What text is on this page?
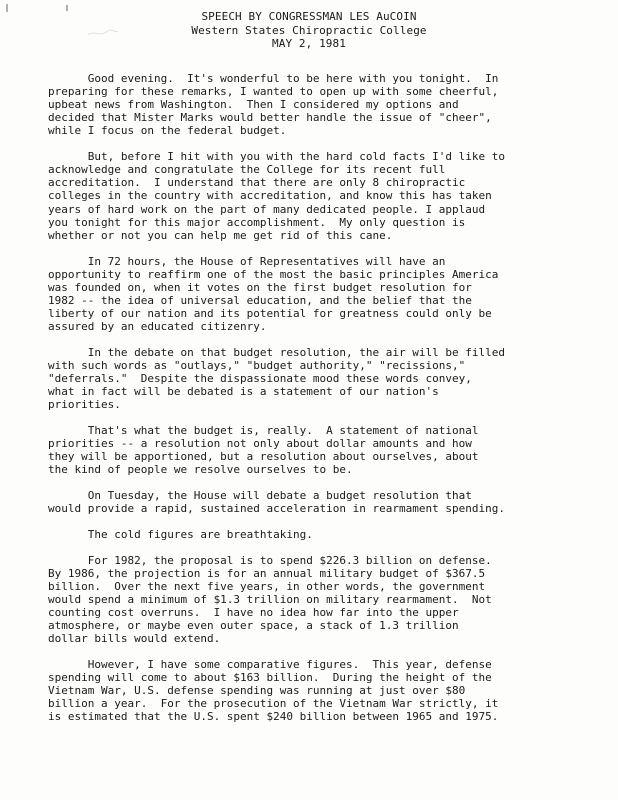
SPEECH BY CONGRESSMAN LES AuCOIN
Western States Chiropractic College
MAY 2, 1981
Good evening.  It's wonderful to be here with you tonight.  In
preparing for these remarks, I wanted to open up with some cheerful,
upbeat news from Washington.  Then I considered my options and
decided that Mister Marks would better handle the issue of "cheer",
while I focus on the federal budget.
But, before I hit with you with the hard cold facts I'd like to
acknowledge and congratulate the College for its recent full
accreditation.  I understand that there are only 8 chiropractic
colleges in the country with accreditation, and know this has taken
years of hard work on the part of many dedicated people. I applaud
you tonight for this major accomplishment.  My only question is
whether or not you can help me get rid of this cane.
In 72 hours, the House of Representatives will have an
opportunity to reaffirm one of the most the basic principles America
was founded on, when it votes on the first budget resolution for
1982 -- the idea of universal education, and the belief that the
liberty of our nation and its potential for greatness could only be
assured by an educated citizenry.
In the debate on that budget resolution, the air will be filled
with such words as "outlays," "budget authority," "recissions,"
"deferrals."  Despite the dispassionate mood these words convey,
what in fact will be debated is a statement of our nation's
priorities.
That's what the budget is, really.  A statement of national
priorities -- a resolution not only about dollar amounts and how
they will be apportioned, but a resolution about ourselves, about
the kind of people we resolve ourselves to be.
On Tuesday, the House will debate a budget resolution that
would provide a rapid, sustained acceleration in rearmament spending.
The cold figures are breathtaking.
For 1982, the proposal is to spend $226.3 billion on defense.
By 1986, the projection is for an annual military budget of $367.5
billion.  Over the next five years, in other words, the government
would spend a minimum of $1.3 trillion on military rearmament.  Not
counting cost overruns.  I have no idea how far into the upper
atmosphere, or maybe even outer space, a stack of 1.3 trillion
dollar bills would extend.
However, I have some comparative figures.  This year, defense
spending will come to about $163 billion.  During the height of the
Vietnam War, U.S. defense spending was running at just over $80
billion a year.  For the prosecution of the Vietnam War strictly, it
is estimated that the U.S. spent $240 billion between 1965 and 1975.
